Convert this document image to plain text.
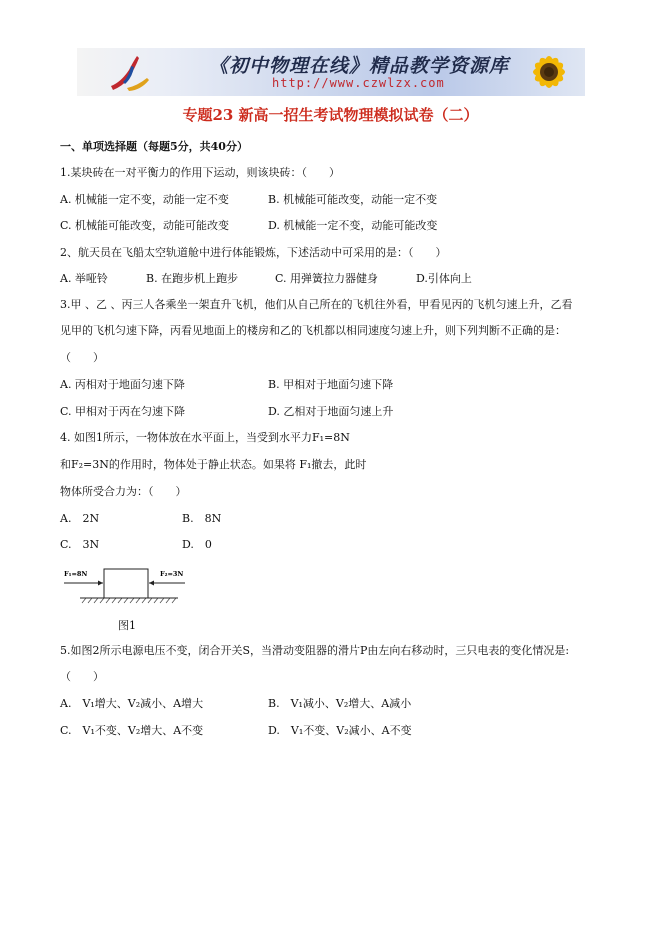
《初中物理在线》精品教学资源库
http://www.czwlzx.com
专题23 新高一招生考试物理模拟试卷（二）
一、单项选择题（每题5分，共40分）
1.某块砖在一对平衡力的作用下运动，则该块砖：（　　）
A. 机械能一定不变，动能一定不变	B. 机械能可能改变，动能一定不变
C. 机械能可能改变，动能可能改变	D. 机械能一定不变，动能可能改变
2、航天员在飞船太空轨道舱中进行体能锻炼，下述活动中可采用的是：（　　）
A. 举哑铃	B. 在跑步机上跑步	C. 用弹簧拉力器健身	D.引体向上
3.甲 、乙 、丙三人各乘坐一架直升飞机，他们从自己所在的飞机往外看，甲看见丙的飞机匀速上升，乙看
见甲的飞机匀速下降，丙看见地面上的楼房和乙的飞机都以相同速度匀速上升，则下列判断不正确的是：
（　　）
A. 丙相对于地面匀速下降	B. 甲相对于地面匀速下降
C. 甲相对于丙在匀速下降	D. 乙相对于地面匀速上升
4. 如图1所示，一物体放在水平面上，当受到水平力F₁=8N
和F₂=3N的作用时，物体处于静止状态。如果将 F₁撤去，此时
物体所受合力为：（　　）
A.　2N	B.　8N
C.　3N	D.　0
F₁=8N	F₂=3N
图1
5.如图2所示电源电压不变，闭合开关S，当滑动变阻器的滑片P由左向右移动时，三只电表的变化情况是:
（　　）
A.　V₁增大、V₂减小、A增大	B.　V₁减小、V₂增大、A减小
C.　V₁不变、V₂增大、A不变	D.　V₁不变、V₂减小、A不变
